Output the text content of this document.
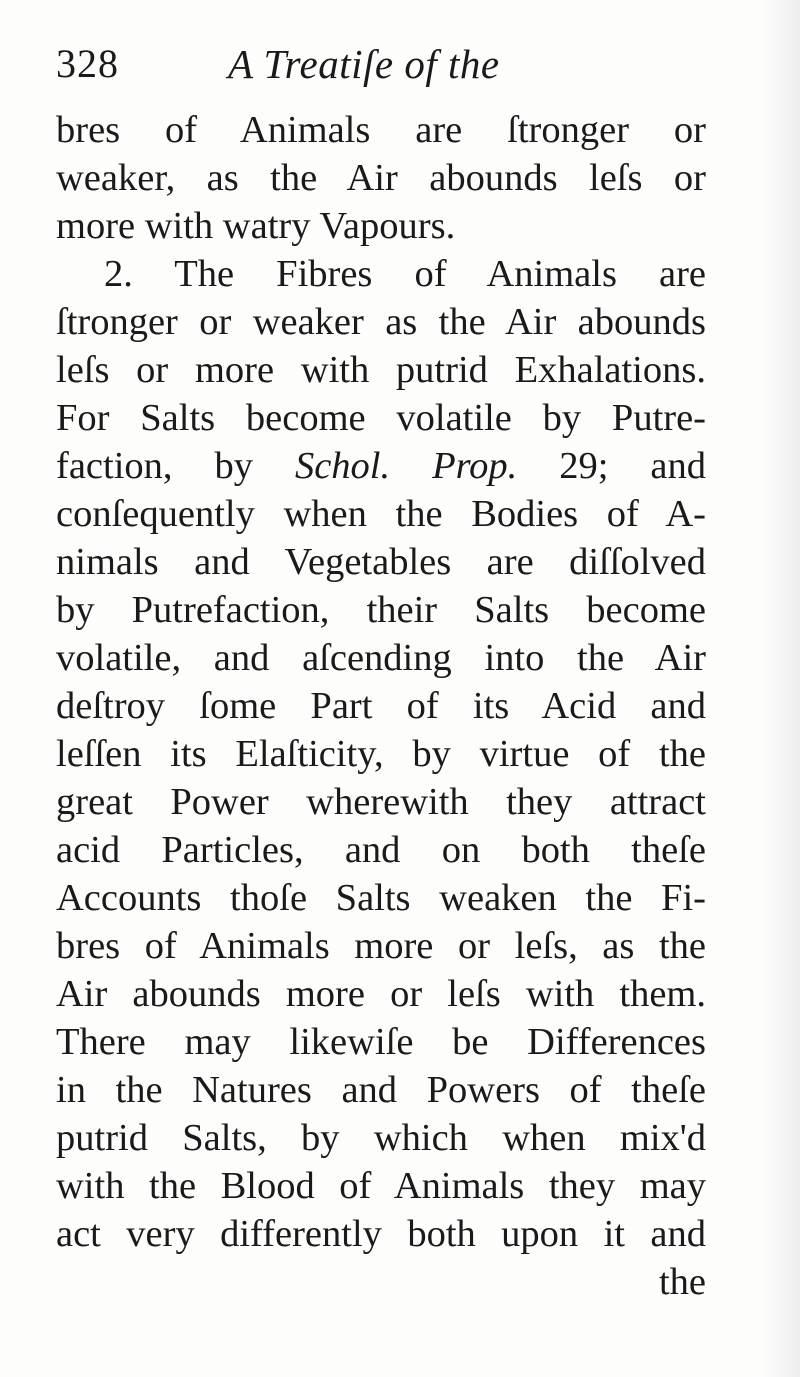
328	A Treatiſe of the
bres of Animals are ſtronger or
weaker, as the Air abounds leſs or
more with watry Vapours.
2. The Fibres of Animals are
ſtronger or weaker as the Air abounds
leſs or more with putrid Exhalations.
For Salts become volatile by Putre-
faction, by Schol. Prop. 29; and
conſequently when the Bodies of A-
nimals and Vegetables are diſſolved
by Putrefaction, their Salts become
volatile, and aſcending into the Air
deſtroy ſome Part of its Acid and
leſſen its Elaſticity, by virtue of the
great Power wherewith they attract
acid Particles, and on both theſe
Accounts thoſe Salts weaken the Fi-
bres of Animals more or leſs, as the
Air abounds more or leſs with them.
There may likewiſe be Differences
in the Natures and Powers of theſe
putrid Salts, by which when mix'd
with the Blood of Animals they may
act very differently both upon it and
the
